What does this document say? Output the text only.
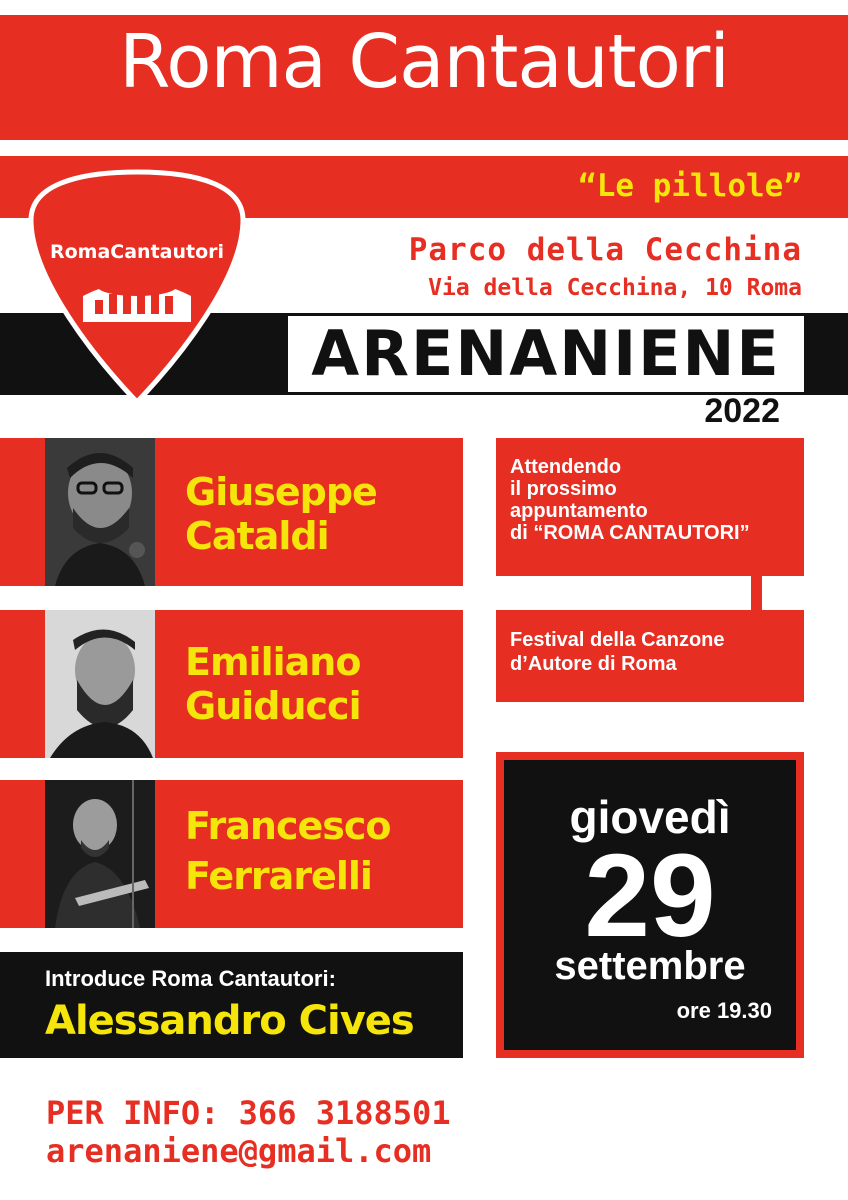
Roma Cantautori
“Le pillole”
Parco della Cecchina
Via della Cecchina, 10 Roma
ARENANIENE
2022
RomaCantautori
Giuseppe
Cataldi
Emiliano
Guiducci
Francesco
Ferrarelli
Introduce Roma Cantautori:
Alessandro Cives
Attendendo
il prossimo
appuntamento
di “ROMA CANTAUTORI”
Festival della Canzone
d’Autore di Roma
giovedì
29
settembre
ore 19.30
PER INFO: 366 3188501
arenaniene@gmail.com
